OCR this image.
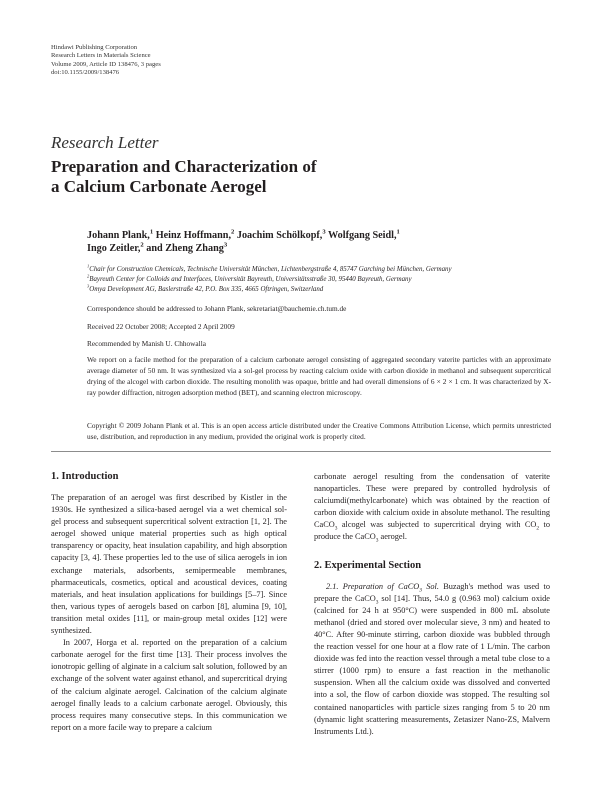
Hindawi Publishing Corporation
Research Letters in Materials Science
Volume 2009, Article ID 138476, 3 pages
doi:10.1155/2009/138476
Research Letter
Preparation and Characterization of
a Calcium Carbonate Aerogel
Johann Plank,$^1$ Heinz Hoffmann,$^2$ Joachim Schölkopf,$^3$ Wolfgang Seidl,$^1$
Ingo Zeitler,$^2$ and Zheng Zhang$^3$
$^1$Chair for Construction Chemicals, Technische Universität München, Lichtenbergstraße 4, 85747 Garching bei München, Germany
$^2$Bayreuth Center for Colloids and Interfaces, Universität Bayreuth, Universitätsstraße 30, 95440 Bayreuth, Germany
$^3$Omya Development AG, Baslerstraße 42, P.O. Box 335, 4665 Oftringen, Switzerland
Correspondence should be addressed to Johann Plank, sekretariat@bauchemie.ch.tum.de
Received 22 October 2008; Accepted 2 April 2009
Recommended by Manish U. Chhowalla
We report on a facile method for the preparation of a calcium carbonate aerogel consisting of aggregated secondary vaterite particles with an approximate average diameter of 50 nm. It was synthesized via a sol-gel process by reacting calcium oxide with carbon dioxide in methanol and subsequent supercritical drying of the alcogel with carbon dioxide. The resulting monolith was opaque, brittle and had overall dimensions of 6 × 2 × 1 cm. It was characterized by X-ray powder diffraction, nitrogen adsorption method (BET), and scanning electron microscopy.
Copyright © 2009 Johann Plank et al. This is an open access article distributed under the Creative Commons Attribution License, which permits unrestricted use, distribution, and reproduction in any medium, provided the original work is properly cited.
1. Introduction

The preparation of an aerogel was first described by Kistler in the 1930s. He synthesized a silica-based aerogel via a wet chemical sol-gel process and subsequent supercritical solvent extraction [1, 2]. The aerogel showed unique material properties such as high optical transparency or opacity, heat insulation capability, and high absorption capacity [3, 4]. These properties led to the use of silica aerogels in ion exchange materials, adsorbents, semipermeable membranes, pharmaceuticals, cosmetics, optical and acoustical devices, coating materials, and heat insulation applications for buildings [5–7]. Since then, various types of aerogels based on carbon [8], alumina [9, 10], transition metal oxides [11], or main-group metal oxides [12] were synthesized.

In 2007, Horga et al. reported on the preparation of a calcium carbonate aerogel for the first time [13]. Their process involves the ionotropic gelling of alginate in a calcium salt solution, followed by an exchange of the solvent water against ethanol, and supercritical drying of the calcium alginate aerogel. Calcination of the calcium alginate aerogel finally leads to a calcium carbonate aerogel. Obviously, this process requires many consecutive steps. In this communication we report on a more facile way to prepare a calcium

carbonate aerogel resulting from the condensation of vaterite nanoparticles. These were prepared by controlled hydrolysis of calciumdi(methylcarbonate) which was obtained by the reaction of carbon dioxide with calcium oxide in absolute methanol. The resulting CaCO$_3$ alcogel was subjected to supercritical drying with $CO_2$ to produce the CaCO$_3$ aerogel.

2. Experimental Section

2.1. Preparation of CaCO$_3$ Sol. Buzagh's method was used to prepare the CaCO$_3$ sol [14]. Thus, 54.0 g (0.963 mol) calcium oxide (calcined for 24 h at 950°C) were suspended in 800 mL absolute methanol (dried and stored over molecular sieve, 3 nm) and heated to 40°C. After 90-minute stirring, carbon dioxide was bubbled through the reaction vessel for one hour at a flow rate of 1 L/min. The carbon dioxide was fed into the reaction vessel through a metal tube close to a stirrer (1000 rpm) to ensure a fast reaction in the methanolic suspension. When all the calcium oxide was dissolved and converted into a sol, the flow of carbon dioxide was stopped. The resulting sol contained nanoparticles with particle sizes ranging from 5 to 20 nm (dynamic light scattering measurements, Zetasizer Nano-ZS, Malvern Instruments Ltd.).
